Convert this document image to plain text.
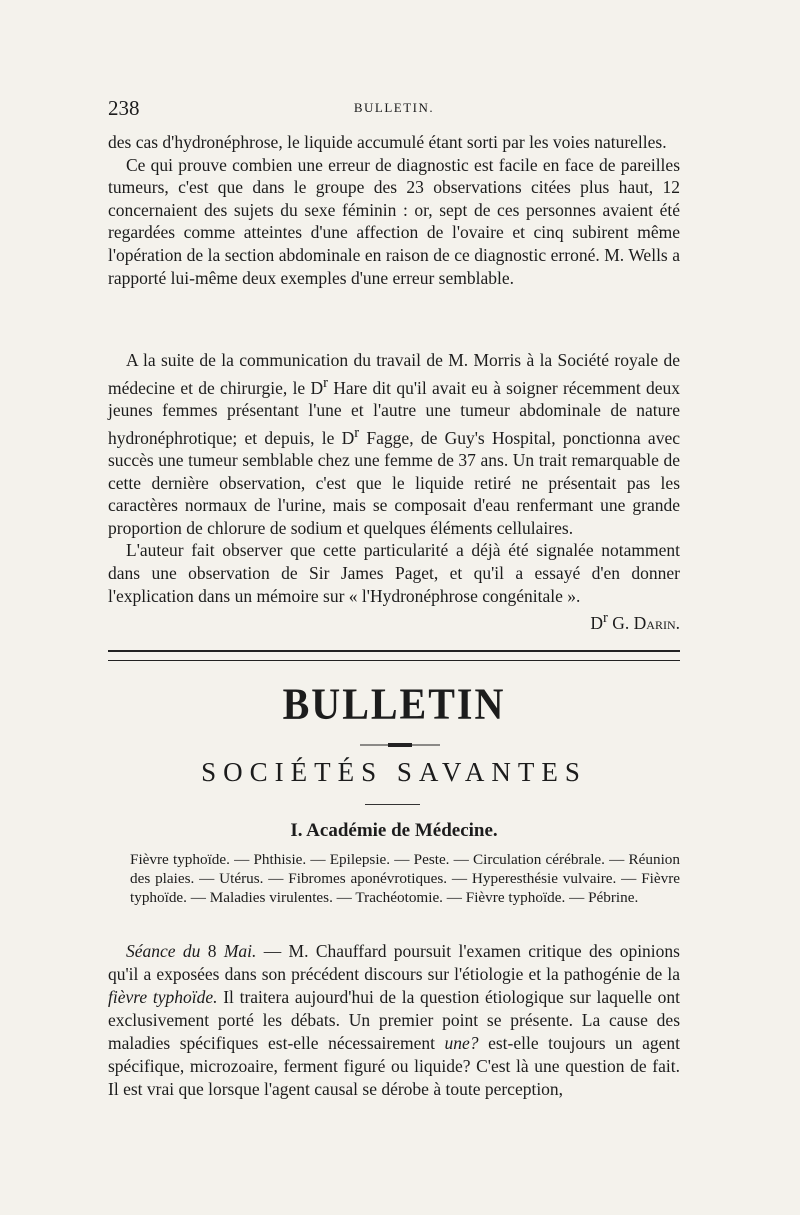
238	BULLETIN.

des cas d'hydronéphrose, le liquide accumulé étant sorti par les voies naturelles.

Ce qui prouve combien une erreur de diagnostic est facile en face de pareilles tumeurs, c'est que dans le groupe des 23 observations citées plus haut, 12 concernaient des sujets du sexe féminin : or, sept de ces personnes avaient été regardées comme atteintes d'une affection de l'ovaire et cinq subirent même l'opération de la section abdominale en raison de ce diagnostic erroné. M. Wells a rapporté lui-même deux exemples d'une erreur semblable.

A la suite de la communication du travail de M. Morris à la Société royale de médecine et de chirurgie, le $D^r$ Hare dit qu'il avait eu à soigner récemment deux jeunes femmes présentant l'une et l'autre une tumeur abdominale de nature hydronéphrotique; et depuis, le $D^r$ Fagge, de Guy's Hospital, ponctionna avec succès une tumeur semblable chez une femme de 37 ans. Un trait remarquable de cette dernière observation, c'est que le liquide retiré ne présentait pas les caractères normaux de l'urine, mais se composait d'eau renfermant une grande proportion de chlorure de sodium et quelques éléments cellulaires.

L'auteur fait observer que cette particularité a déjà été signalée notamment dans une observation de Sir James Paget, et qu'il a essayé d'en donner l'explication dans un mémoire sur « l'Hydronéphrose congénitale ».

$D^r$ G. Darin.

BULLETIN
SOCIÉTÉS SAVANTES
I. Académie de Médecine.

Fièvre typhoïde. — Phthisie. — Epilepsie. — Peste. — Circulation cérébrale. — Réunion des plaies. — Utérus. — Fibromes aponévrotiques. — Hyperesthésie vulvaire. — Fièvre typhoïde. — Maladies virulentes. — Trachéotomie. — Fièvre typhoïde. — Pébrine.

Séance du 8 Mai. — M. Chauffard poursuit l'examen critique des opinions qu'il a exposées dans son précédent discours sur l'étiologie et la pathogénie de la fièvre typhoïde. Il traitera aujourd'hui de la question étiologique sur laquelle ont exclusivement porté les débats. Un premier point se présente. La cause des maladies spécifiques est-elle nécessairement une? est-elle toujours un agent spécifique, microzoaire, ferment figuré ou liquide? C'est là une question de fait. Il est vrai que lorsque l'agent causal se dérobe à toute perception,
